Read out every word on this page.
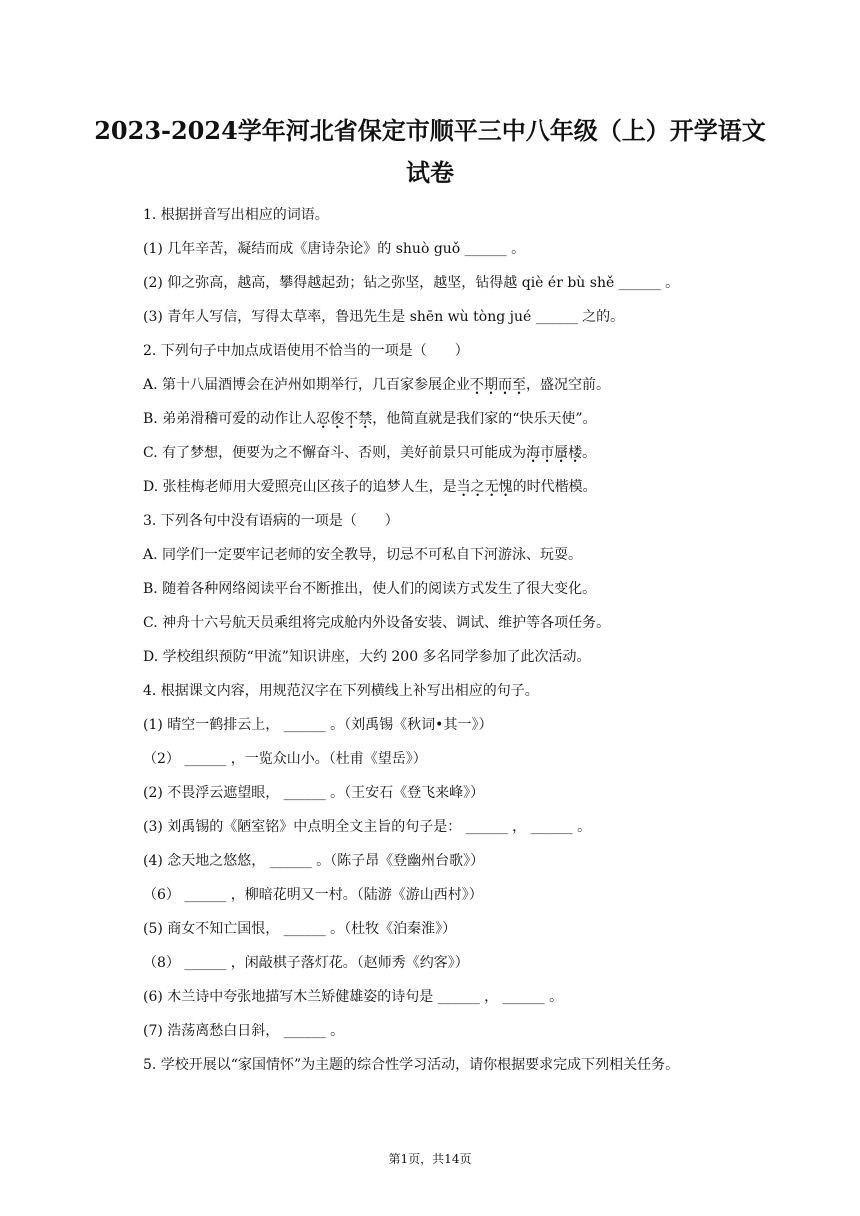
2023-2024学年河北省保定市顺平三中八年级（上）开学语文试卷
1. 根据拼音写出相应的词语。
(1) 几年辛苦，凝结而成《唐诗杂论》的 shuò guǒ ______ 。
(2) 仰之弥高，越高，攀得越起劲；钻之弥坚，越坚，钻得越 qiè ér bù shě ______ 。
(3) 青年人写信，写得太草率，鲁迅先生是 shēn wù tòng jué ______ 之的。
2. 下列句子中加点成语使用不恰当的一项是（　　）
A. 第十八届酒博会在泸州如期举行，几百家参展企业不期而至，盛况空前。
B. 弟弟滑稽可爱的动作让人忍俊不禁，他简直就是我们家的“快乐天使”。
C. 有了梦想，便要为之不懈奋斗、否则，美好前景只可能成为海市蜃楼。
D. 张桂梅老师用大爱照亮山区孩子的追梦人生，是当之无愧的时代楷模。
3. 下列各句中没有语病的一项是（　　）
A. 同学们一定要牢记老师的安全教导，切忌不可私自下河游泳、玩耍。
B. 随着各种网络阅读平台不断推出，使人们的阅读方式发生了很大变化。
C. 神舟十六号航天员乘组将完成舱内外设备安装、调试、维护等各项任务。
D. 学校组织预防“甲流”知识讲座，大约 200 多名同学参加了此次活动。
4. 根据课文内容，用规范汉字在下列横线上补写出相应的句子。
(1) 晴空一鹤排云上， ______ 。（刘禹锡《秋词•其一》）
（2） ______ ，一览众山小。（杜甫《望岳》）
(2) 不畏浮云遮望眼， ______ 。（王安石《登飞来峰》）
(3) 刘禹锡的《陋室铭》中点明全文主旨的句子是： ______ ， ______ 。
(4) 念天地之悠悠， ______ 。（陈子昂《登幽州台歌》）
（6） ______ ，柳暗花明又一村。（陆游《游山西村》）
(5) 商女不知亡国恨， ______ 。（杜牧《泊秦淮》）
（8） ______ ，闲敲棋子落灯花。（赵师秀《约客》）
(6) 木兰诗中夸张地描写木兰矫健雄姿的诗句是 ______ ， ______ 。
(7) 浩荡离愁白日斜， ______ 。
5. 学校开展以“家国情怀”为主题的综合性学习活动，请你根据要求完成下列相关任务。
第1页，共14页
